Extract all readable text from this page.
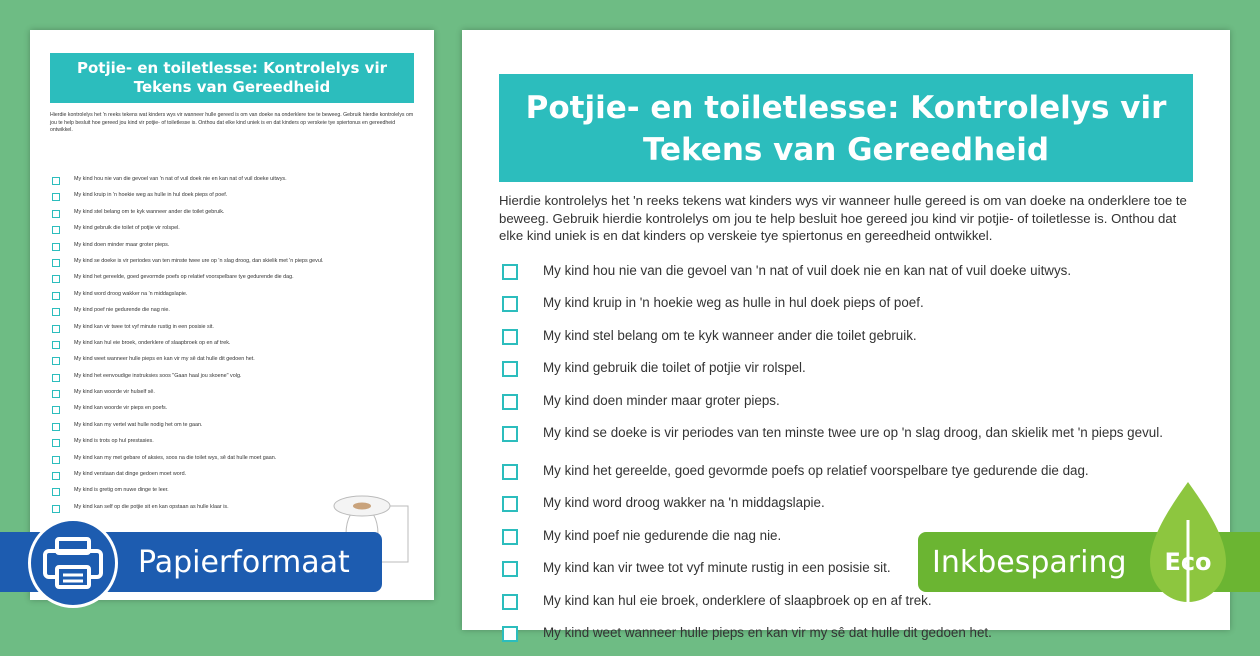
Potjie- en toiletlesse: Kontrolelys vir
Tekens van Gereedheid
Hierdie kontrolelys het 'n reeks tekens wat kinders wys vir wanneer hulle gereed is om van doeke na onderklere toe te beweeg. Gebruik hierdie kontrolelys om jou te help besluit hoe gereed jou kind vir potjie- of toiletlesse is. Onthou dat elke kind uniek is en dat kinders op verskeie tye spiertonus en gereedheid ontwikkel.
My kind hou nie van die gevoel van 'n nat of vuil doek nie en kan nat of vuil doeke uitwys.
My kind kruip in 'n hoekie weg as hulle in hul doek pieps of poef.
My kind stel belang om te kyk wanneer ander die toilet gebruik.
My kind gebruik die toilet of potjie vir rolspel.
My kind doen minder maar groter pieps.
My kind se doeke is vir periodes van ten minste twee ure op 'n slag droog, dan skielik met 'n pieps gevul.
My kind het gereelde, goed gevormde poefs op relatief voorspelbare tye gedurende die dag.
My kind word droog wakker na 'n middagslapie.
My kind poef nie gedurende die nag nie.
My kind kan vir twee tot vyf minute rustig in een posisie sit.
My kind kan hul eie broek, onderklere of slaapbroek op en af trek.
My kind weet wanneer hulle pieps en kan vir my sê dat hulle dit gedoen het.
My kind het eenvoudige instruksies soos "Gaan haal jou skoene" volg.
My kind kan woorde vir hulself sê.
My kind kan woorde vir pieps en poefs.
My kind kan my vertel wat hulle nodig het om te gaan.
My kind is trots op hul prestasies.
My kind kan my met gebare of aksies, soos na die toilet wys, sê dat hulle moet gaan.
My kind verstaan dat dinge gedoen moet word.
My kind is gretig om nuwe dinge te leer.
My kind kan self op die potjie sit en kan opstaan as hulle klaar is.
Potjie- en toiletlesse: Kontrolelys vir
Tekens van Gereedheid
Hierdie kontrolelys het 'n reeks tekens wat kinders wys vir wanneer hulle gereed is om van doeke na onderklere toe te beweeg. Gebruik hierdie kontrolelys om jou te help besluit hoe gereed jou kind vir potjie- of toiletlesse is. Onthou dat elke kind uniek is en dat kinders op verskeie tye spiertonus en gereedheid ontwikkel.
My kind hou nie van die gevoel van 'n nat of vuil doek nie en kan nat of vuil doeke uitwys.
My kind kruip in 'n hoekie weg as hulle in hul doek pieps of poef.
My kind stel belang om te kyk wanneer ander die toilet gebruik.
My kind gebruik die toilet of potjie vir rolspel.
My kind doen minder maar groter pieps.
My kind se doeke is vir periodes van ten minste twee ure op 'n slag droog, dan skielik met 'n pieps gevul.
My kind het gereelde, goed gevormde poefs op relatief voorspelbare tye gedurende die dag.
My kind word droog wakker na 'n middagslapie.
My kind poef nie gedurende die nag nie.
My kind kan vir twee tot vyf minute rustig in een posisie sit.
My kind kan hul eie broek, onderklere of slaapbroek op en af trek.
My kind weet wanneer hulle pieps en kan vir my sê dat hulle dit gedoen het.
Papierformaat	Inkbesparing Eco
